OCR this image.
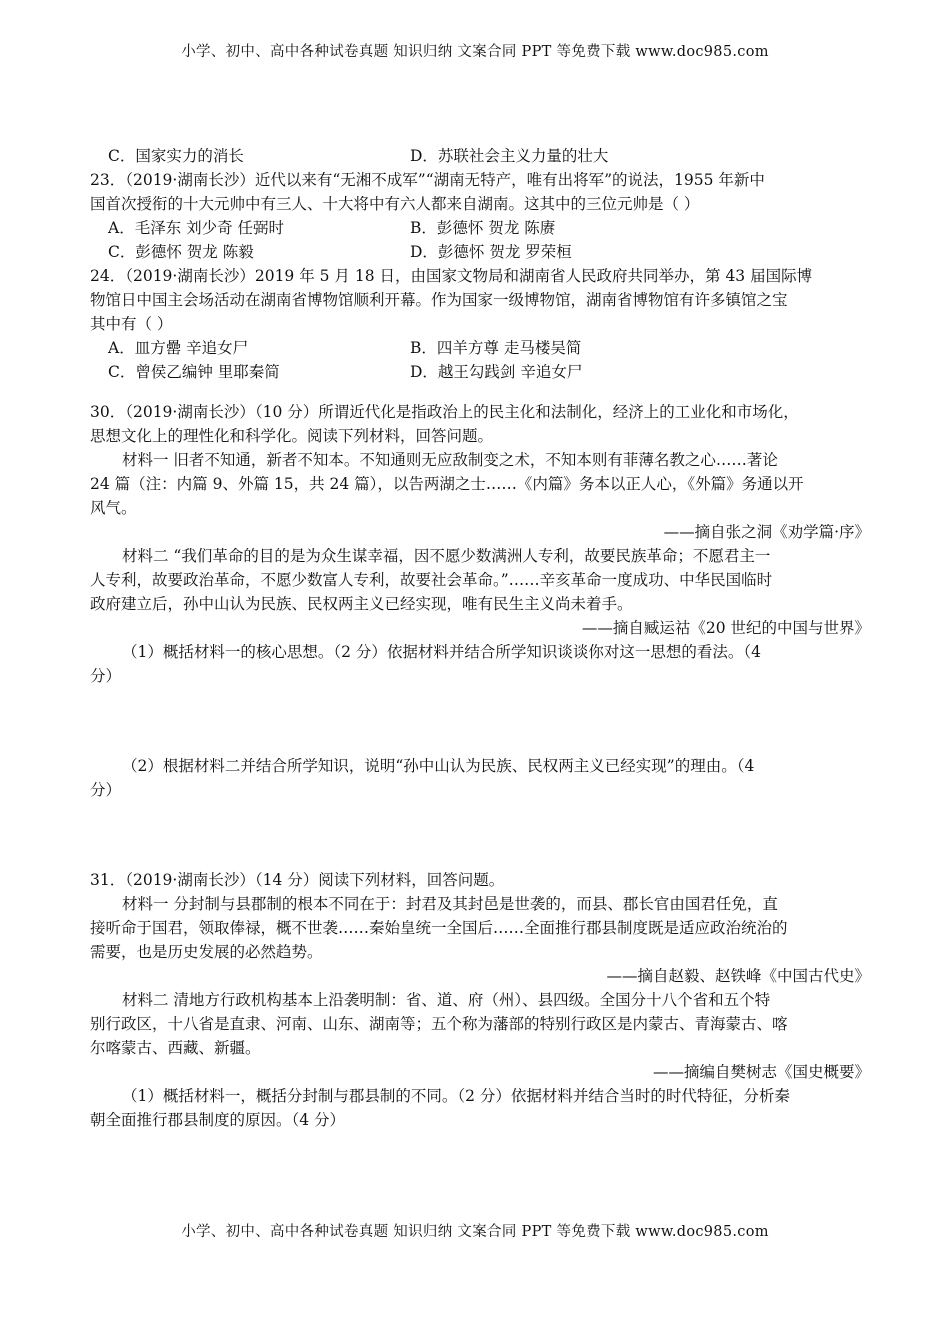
小学、初中、高中各种试卷真题 知识归纳 文案合同 PPT 等免费下载 www.doc985.com
C．国家实力的消长	D．苏联社会主义力量的壮大
23．（2019·湖南长沙）近代以来有“无湘不成军”“湖南无特产，唯有出将军”的说法，1955 年新中
国首次授衔的十大元帅中有三人、十大将中有六人都来自湖南。这其中的三位元帅是（ ）
A．毛泽东 刘少奇 任弼时	B．彭德怀 贺龙 陈赓
C．彭德怀 贺龙 陈毅	D．彭德怀 贺龙 罗荣桓
24．（2019·湖南长沙）2019 年 5 月 18 日，由国家文物局和湖南省人民政府共同举办，第 43 届国际博
物馆日中国主会场活动在湖南省博物馆顺利开幕。作为国家一级博物馆，湖南省博物馆有许多镇馆之宝
其中有（ ）
A．皿方罍 辛追女尸	B．四羊方尊 走马楼吴简
C．曾侯乙编钟 里耶秦简	D．越王勾践剑 辛追女尸
30．（2019·湖南长沙）（10 分）所谓近代化是指政治上的民主化和法制化，经济上的工业化和市场化，
思想文化上的理性化和科学化。阅读下列材料，回答问题。
材料一 旧者不知通，新者不知本。不知通则无应敌制变之术，不知本则有菲薄名教之心……著论
24 篇（注：内篇 9、外篇 15，共 24 篇），以告两湖之士……《内篇》务本以正人心，《外篇》务通以开
风气。
——摘自张之洞《劝学篇·序》
材料二 “我们革命的目的是为众生谋幸福，因不愿少数满洲人专利，故要民族革命；不愿君主一
人专利，故要政治革命，不愿少数富人专利，故要社会革命。”……辛亥革命一度成功、中华民国临时
政府建立后，孙中山认为民族、民权两主义已经实现，唯有民生主义尚未着手。
——摘自臧运祜《20 世纪的中国与世界》
（1）概括材料一的核心思想。（2 分）依据材料并结合所学知识谈谈你对这一思想的看法。（4
分）
（2）根据材料二并结合所学知识，说明“孙中山认为民族、民权两主义已经实现”的理由。（4
分）
31．（2019·湖南长沙）（14 分）阅读下列材料，回答问题。
材料一 分封制与县郡制的根本不同在于：封君及其封邑是世袭的，而县、郡长官由国君任免，直
接听命于国君，领取俸禄，概不世袭……秦始皇统一全国后……全面推行郡县制度既是适应政治统治的
需要，也是历史发展的必然趋势。
——摘自赵毅、赵铁峰《中国古代史》
材料二 清地方行政机构基本上沿袭明制：省、道、府（州）、县四级。全国分十八个省和五个特
别行政区，十八省是直隶、河南、山东、湖南等；五个称为藩部的特别行政区是内蒙古、青海蒙古、喀
尔喀蒙古、西藏、新疆。
——摘编自樊树志《国史概要》
（1）概括材料一，概括分封制与郡县制的不同。（2 分）依据材料并结合当时的时代特征，分析秦
朝全面推行郡县制度的原因。（4 分）
小学、初中、高中各种试卷真题 知识归纳 文案合同 PPT 等免费下载 www.doc985.com
